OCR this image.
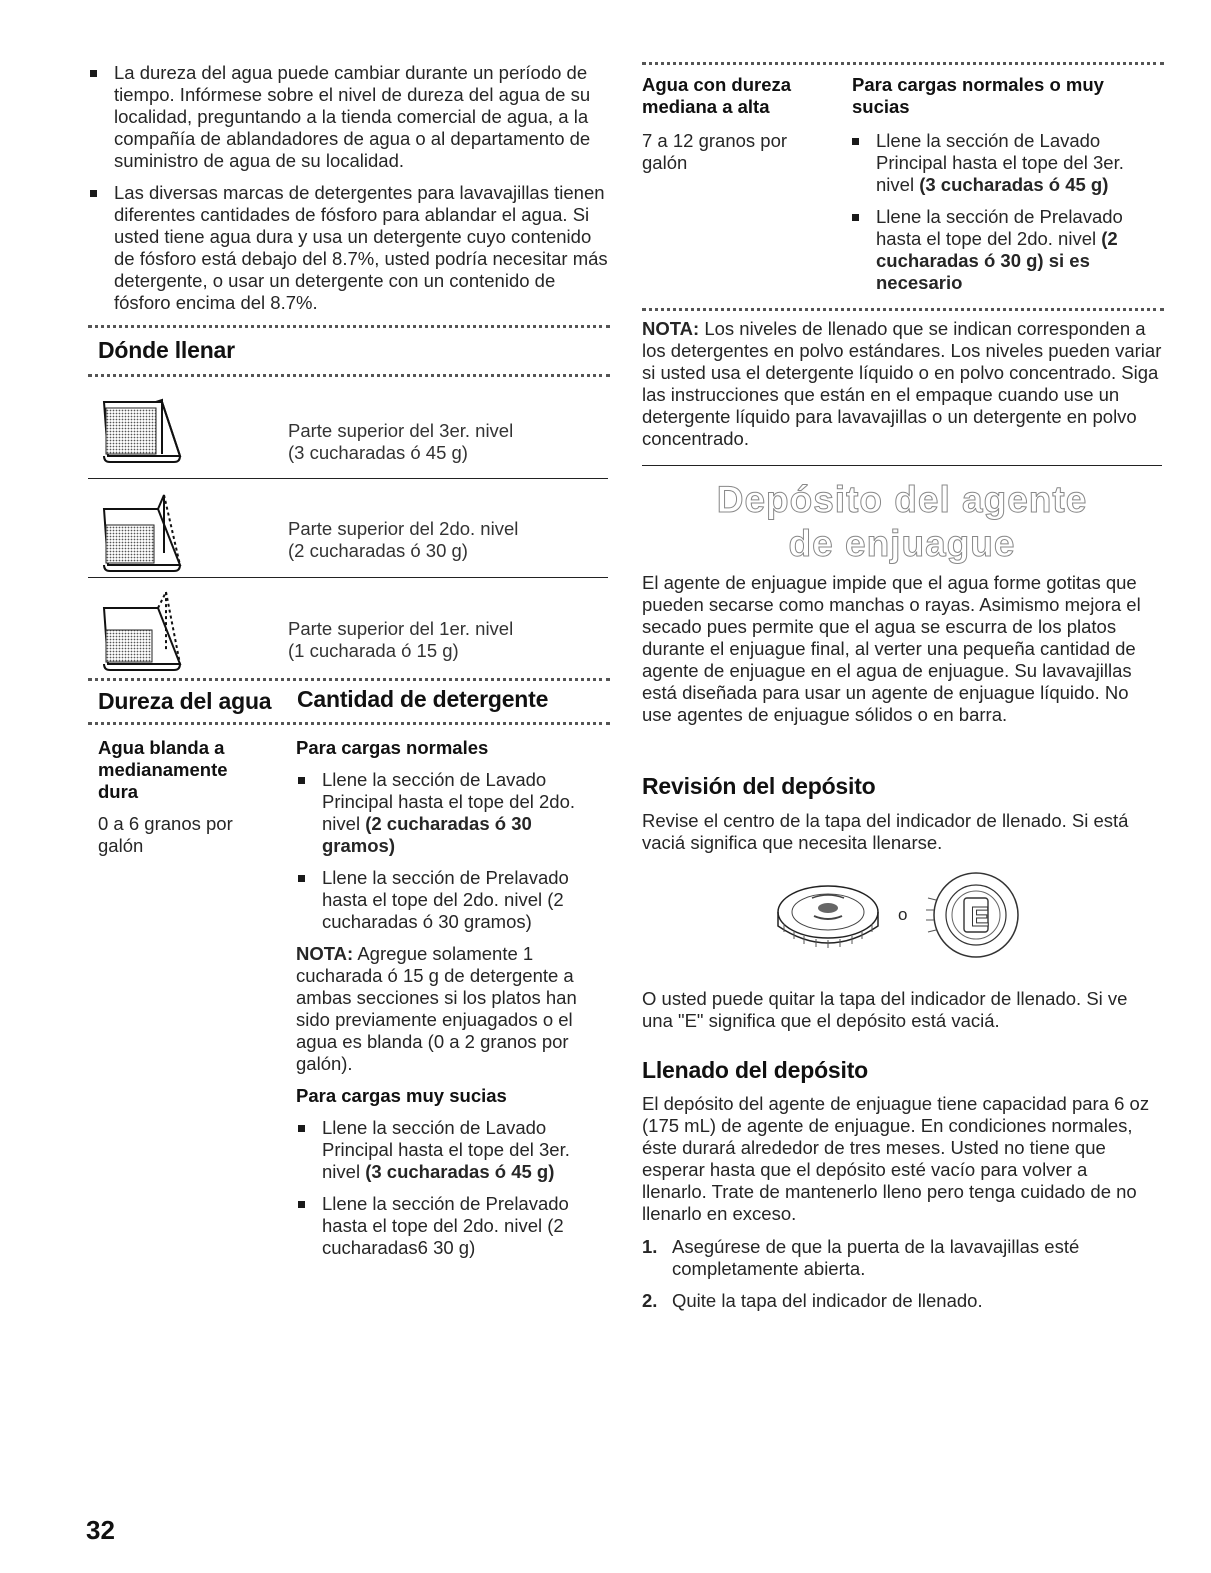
La dureza del agua puede cambiar durante un período de tiempo. Infórmese sobre el nivel de dureza del agua de su localidad, preguntando a la tienda comercial de agua, a la compañía de ablandadores de agua o al departamento de suministro de agua de su localidad.
Las diversas marcas de detergentes para lavavajillas tienen diferentes cantidades de fósforo para ablandar el agua. Si usted tiene agua dura y usa un detergente cuyo contenido de fósforo está debajo del 8.7%, usted podría necesitar más detergente, o usar un detergente con un contenido de fósforo encima del 8.7%.
Dónde llenar
Parte superior del 3er. nivel
(3 cucharadas ó 45 g)
Parte superior del 2do. nivel
(2 cucharadas ó 30 g)
Parte superior del 1er. nivel
(1 cucharada ó 15 g)
Dureza del agua Cantidad de detergente
Agua blanda a medianamente dura
0 a 6 granos por galón
Para cargas normales
Llene la sección de Lavado Principal hasta el tope del 2do. nivel (2 cucharadas ó 30 gramos)
Llene la sección de Prelavado hasta el tope del 2do. nivel (2 cucharadas ó 30 gramos)
NOTA: Agregue solamente 1 cucharada ó 15 g de detergente a ambas secciones si los platos han sido previamente enjuagados o el agua es blanda (0 a 2 granos por galón).
Para cargas muy sucias
Llene la sección de Lavado Principal hasta el tope del 3er. nivel (3 cucharadas ó 45 g)
Llene la sección de Prelavado hasta el tope del 2do. nivel (2 cucharadas6 30 g)
Agua con dureza mediana a alta
Para cargas normales o muy sucias
7 a 12 granos por galón
Llene la sección de Lavado Principal hasta el tope del 3er. nivel (3 cucharadas ó 45 g)
Llene la sección de Prelavado hasta el tope del 2do. nivel (2 cucharadas ó 30 g) si es necesario
NOTA: Los niveles de llenado que se indican corresponden a los detergentes en polvo estándares. Los niveles pueden variar si usted usa el detergente líquido o en polvo concentrado. Siga las instrucciones que están en el empaque cuando use un detergente líquido para lavavajillas o un detergente en polvo concentrado.
Depósito del agente
de enjuague
El agente de enjuague impide que el agua forme gotitas que pueden secarse como manchas o rayas. Asimismo mejora el secado pues permite que el agua se escurra de los platos durante el enjuague final, al verter una pequeña cantidad de agente de enjuague en el agua de enjuague. Su lavavajillas está diseñada para usar un agente de enjuague líquido. No use agentes de enjuague sólidos o en barra.
Revisión del depósito
Revise el centro de la tapa del indicador de llenado. Si está vaciá significa que necesita llenarse.
o E
O usted puede quitar la tapa del indicador de llenado. Si ve una "E" significa que el depósito está vaciá.
Llenado del depósito
El depósito del agente de enjuague tiene capacidad para 6 oz (175 mL) de agente de enjuague. En condiciones normales, éste durará alrededor de tres meses. Usted no tiene que esperar hasta que el depósito esté vacío para volver a llenarlo. Trate de mantenerlo lleno pero tenga cuidado de no llenarlo en exceso.
1. Asegúrese de que la puerta de la lavavajillas esté completamente abierta.
2. Quite la tapa del indicador de llenado.
32
